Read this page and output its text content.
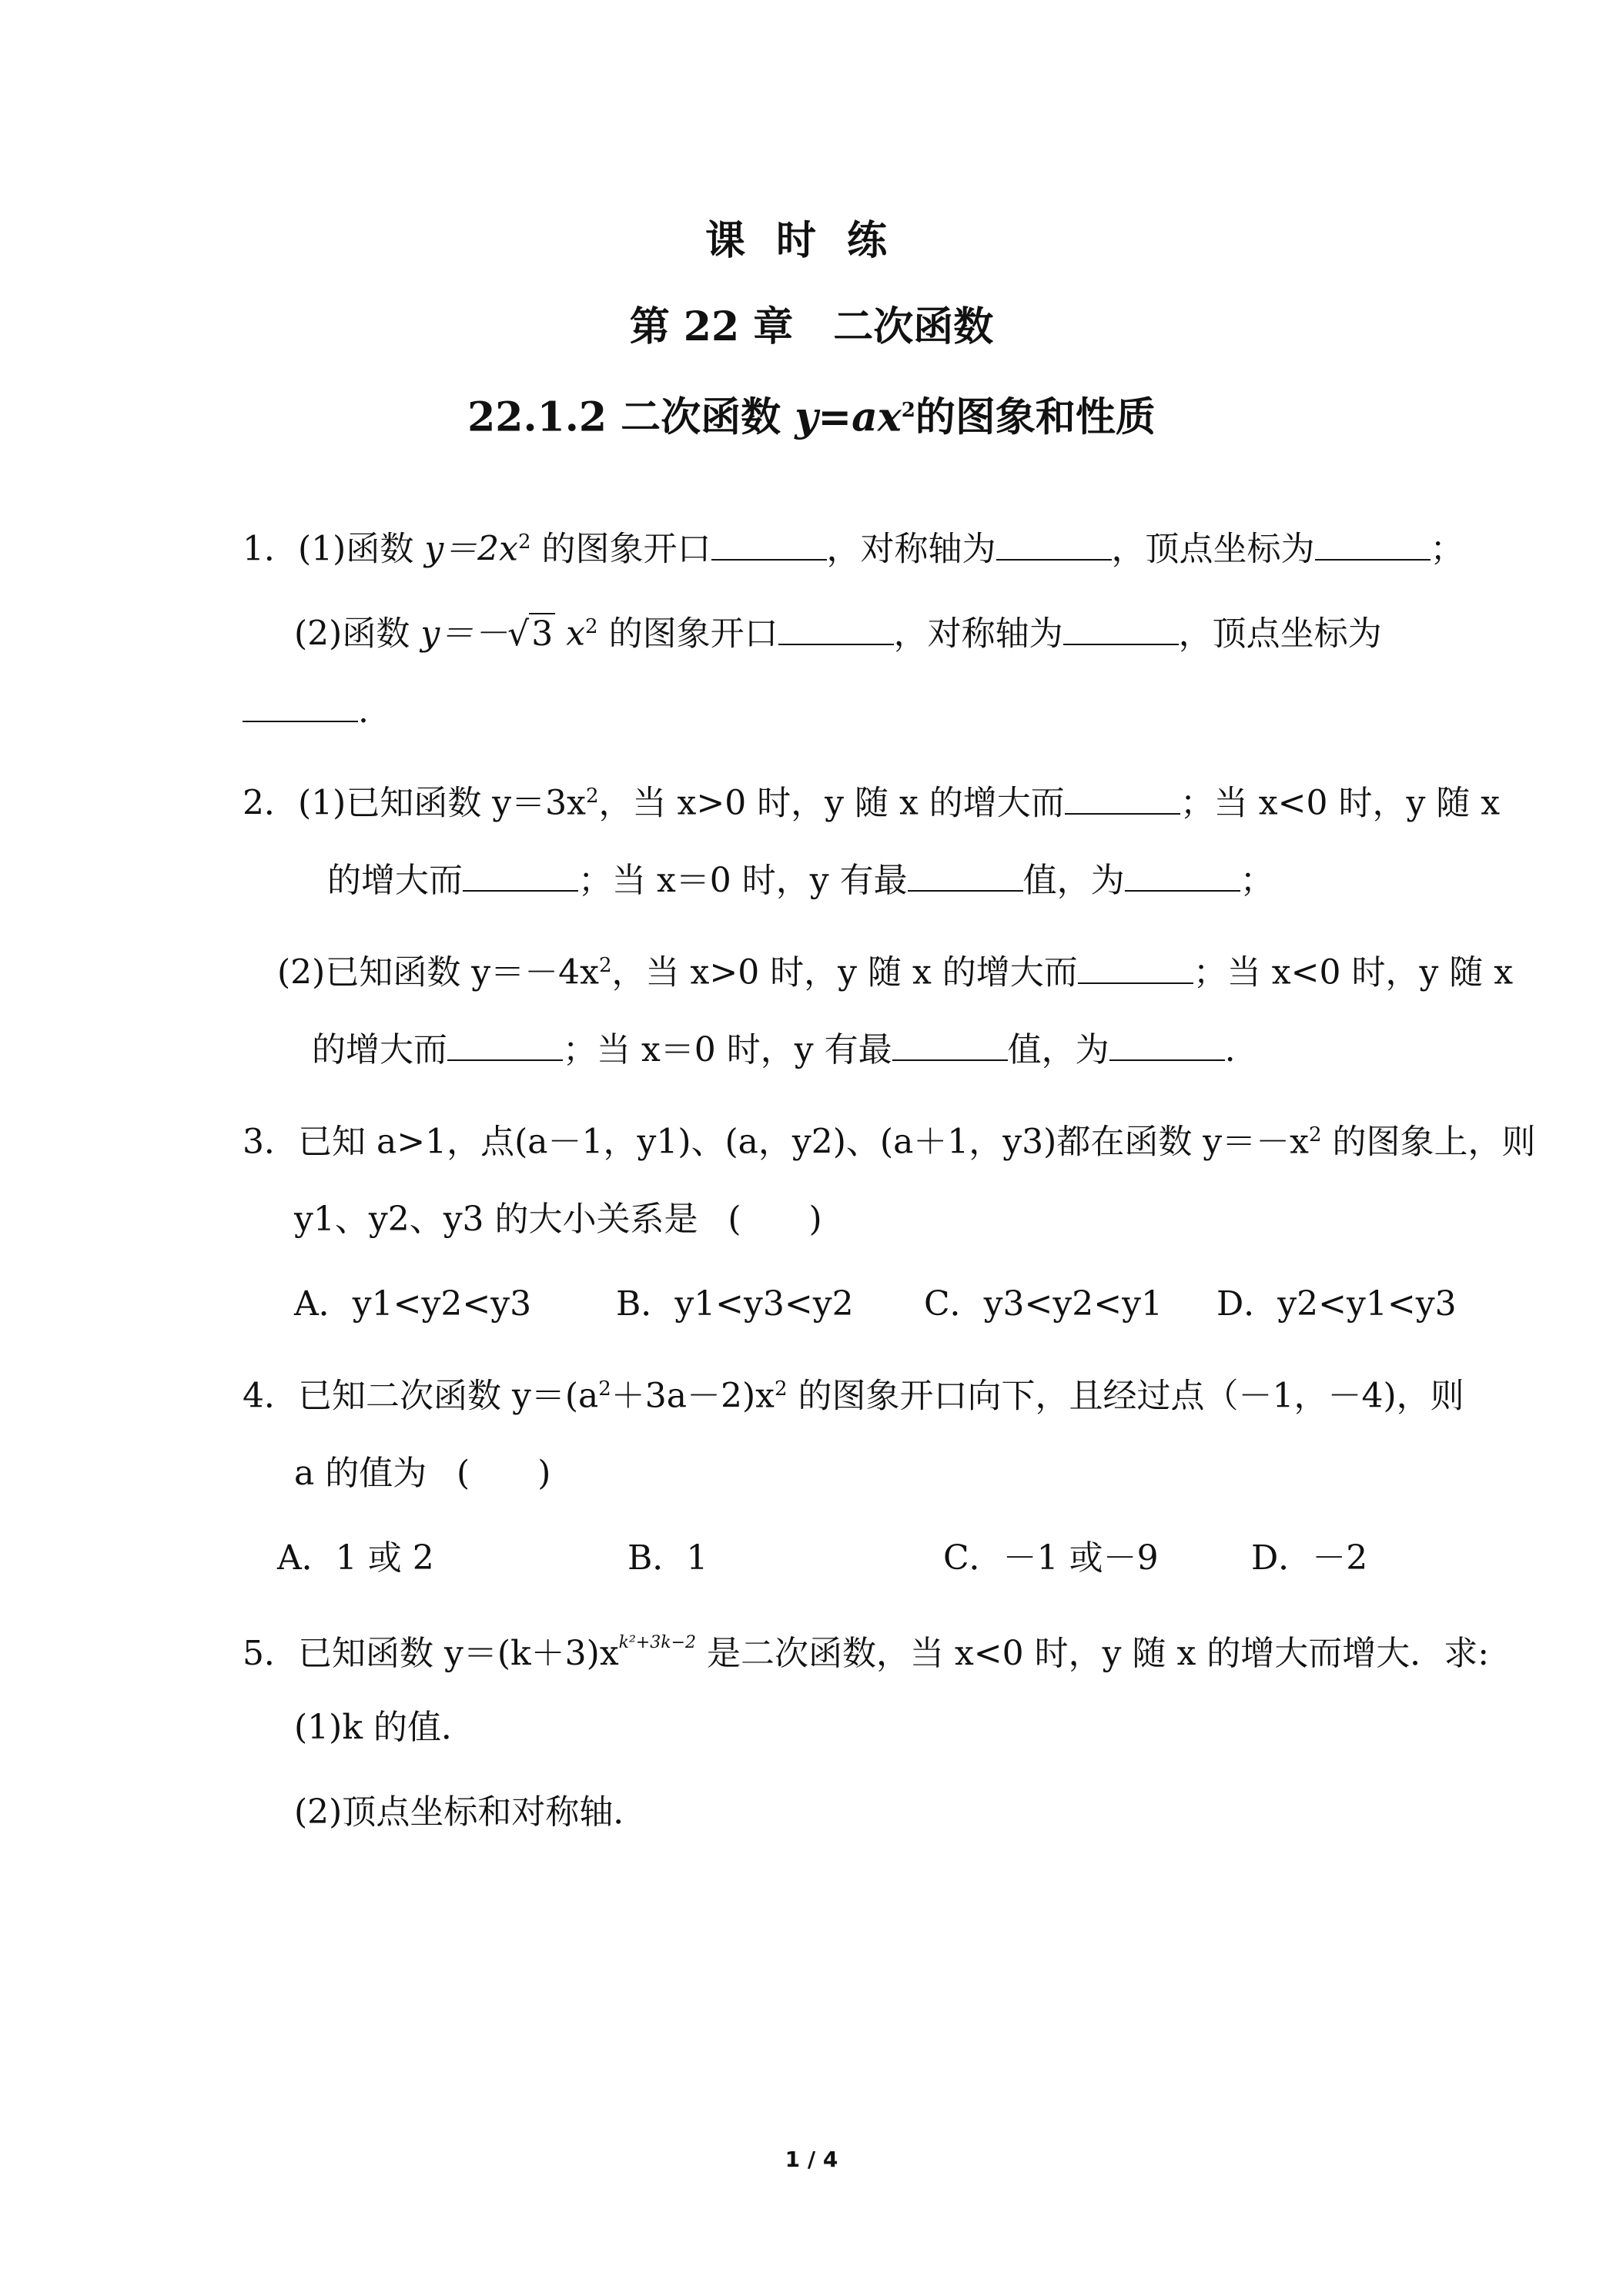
课时练
第 22 章　二次函数
22.1.2 二次函数 $y=ax^2$的图象和性质
1．(1)函数 $y=2x^2$ 的图象开口	，对称轴为	，顶点坐标为	；
(2)函数 y＝－√3 $x^2$ 的图象开口	，对称轴为	，顶点坐标为
.
2．(1)已知函数 $y=3x^2$，当 x>0 时，y 随 x 的增大而	；当 x<0 时，y 随 x
的增大而	；当 x＝0 时，y 有最	值，为	；
(2)已知函数 $y=-4x^2$，当 x>0 时，y 随 x 的增大而	；当 x<0 时，y 随 x
的增大而	；当 x＝0 时，y 有最	值，为	.
3．已知 a>1，点(a－1，y1)、(a，y2)、(a＋1，y3)都在函数 $y=-x^2$ 的图象上，则
y1、y2、y3 的大小关系是 (　　)
A．y1<y2<y3 B．y1<y3<y2 C．y3<y2<y1 D．y2<y1<y3
4．已知二次函数 $y=(a^2+3a-2)x^2$ 的图象开口向下，且经过点（－1，－4)，则
a 的值为 (　　)
A．1 或 2	B．1	C．－1 或－9	D．－2
5．已知函数 $y=(k+3)x^{k^2+3k-2}$ 是二次函数，当 x<0 时，y 随 x 的增大而增大．求:
(1)k 的值．
(2)顶点坐标和对称轴．
1 / 4
